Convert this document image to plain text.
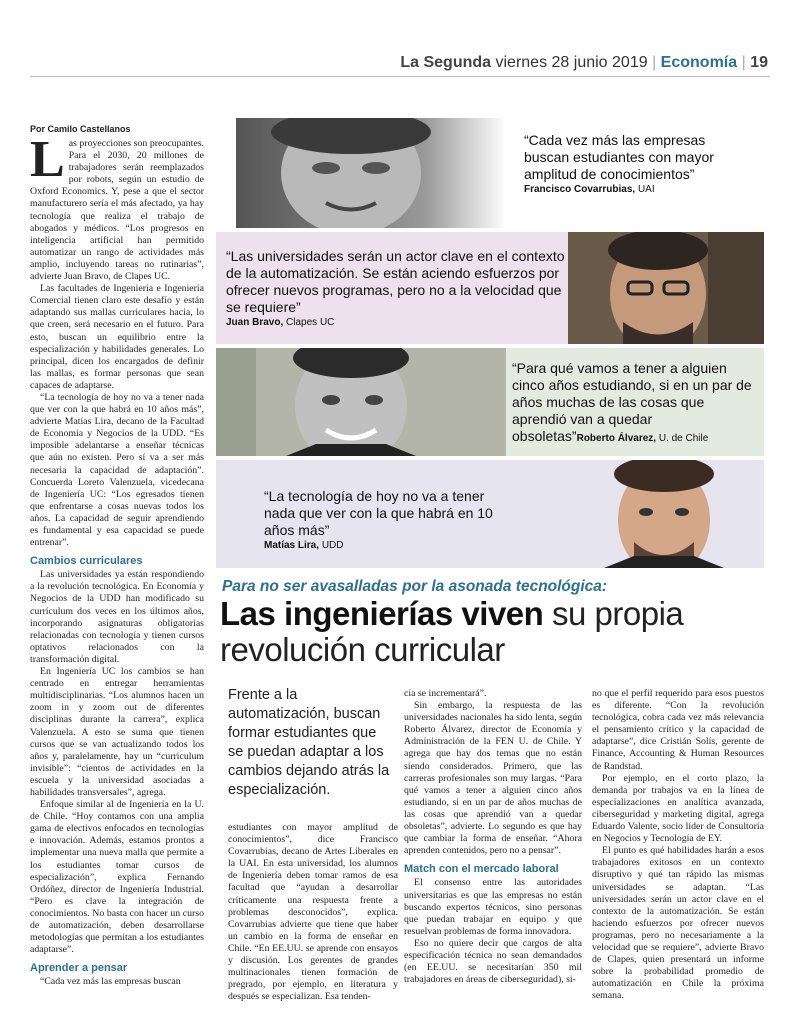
La Segunda viernes 28 junio 2019 | Economía | 19
Por Camilo Castellanos

Las proyecciones son preocupantes. Para el 2030, 20 millones de trabajadores serán reemplazados por robots, según un estudio de Oxford Economics. Y, pese a que el sector manufacturero sería el más afectado, ya hay tecnología que realiza el trabajo de abogados y médicos. “Los progresos en inteligencia artificial han permitido automatizar un rango de actividades más amplio, incluyendo tareas no rutinarias”, advierte Juan Bravo, de Clapes UC.

Las facultades de Ingeniería e Ingeniería Comercial tienen claro este desafío y están adaptando sus mallas curriculares hacia, lo que creen, será necesario en el futuro. Para esto, buscan un equilibrio entre la especialización y habilidades generales. Lo principal, dicen los encargados de definir las mallas, es formar personas que sean capaces de adaptarse.

“La tecnología de hoy no va a tener nada que ver con la que habrá en 10 años más”, advierte Matías Lira, decano de la Facultad de Economía y Negocios de la UDD. “Es imposible adelantarse a enseñar técnicas que aún no existen. Pero sí va a ser más necesaria la capacidad de adaptación”. Concuerda Loreto Valenzuela, vicedecana de Ingeniería UC: “Los egresados tienen que enfrentarse a cosas nuevas todos los años. La capacidad de seguir aprendiendo es fundamental y esa capacidad se puede entrenar”.

Cambios curriculares

Las universidades ya están respondiendo a la revolución tecnológica. En Economía y Negocios de la UDD han modificado su currículum dos veces en los últimos años, incorporando asignaturas obligatorias relacionadas con tecnología y tienen cursos optativos relacionados con la transformación digital.

En Ingeniería UC los cambios se han centrado en entregar herramientas multidisciplinarias. “Los alumnos hacen un zoom in y zoom out de diferentes disciplinas durante la carrera”, explica Valenzuela. A esto se suma que tienen cursos que se van actualizando todos los años y, paralelamente, hay un “curriculum invisible”: “cientos de actividades en la escuela y la universidad asociadas a habilidades transversales”, agrega.

Enfoque similar al de Ingeniería en la U. de Chile. “Hoy contamos con una amplia gama de electivos enfocados en tecnologías e innovación. Además, estamos prontos a implementar una nueva malla que permite a los estudiantes tomar cursos de especialización”, explica Fernando Ordóñez, director de Ingeniería Industrial. “Pero es clave la integración de conocimientos. No basta con hacer un curso de automatización, deben desarrollarse metodologías que permitan a los estudiantes adaptarse”.

Aprender a pensar

“Cada vez más las empresas buscan

“Cada vez más las empresas buscan estudiantes con mayor amplitud de conocimientos”
Francisco Covarrubias, UAI
“Las universidades serán un actor clave en el contexto de la automatización. Se están aciendo esfuerzos por ofrecer nuevos programas, pero no a la velocidad que se requiere”
Juan Bravo, Clapes UC
“Para qué vamos a tener a alguien cinco años estudiando, si en un par de años muchas de las cosas que aprendió van a quedar obsoletas”Roberto Álvarez, U. de Chile
“La tecnología de hoy no va a tener nada que ver con la que habrá en 10 años más”
Matías Lira, UDD
Para no ser avasalladas por la asonada tecnológica:
Las ingenierías viven su propia
revolución curricular
Frente a la automatización, buscan formar estudiantes que se puedan adaptar a los cambios dejando atrás la especialización.

estudiantes con mayor amplitud de conocimientos”, dice Francisco Covarrubias, decano de Artes Liberales en la UAI. En esta universidad, los alumnos de Ingeniería deben tomar ramos de esa facultad que “ayudan a desarrollar críticamente una respuesta frente a problemas desconocidos”, explica. Covarrubias advierte que tiene que haber un cambio en la forma de enseñar en Chile. “En EE.UU. se aprende con ensayos y discusión. Los gerentes de grandes multinacionales tienen formación de pregrado, por ejemplo, en literatura y después se especializan. Esa tenden-

cia se incrementará”.

Sin embargo, la respuesta de las universidades nacionales ha sido lenta, según Roberto Álvarez, director de Economía y Administración de la FEN U. de Chile. Y agrega que hay dos temas que no están siendo considerados. Primero, que las carreras profesionales son muy largas. “Para qué vamos a tener a alguien cinco años estudiando, si en un par de años muchas de las cosas que aprendió van a quedar obsoletas”, advierte. Lo segundo es que hay que cambiar la forma de enseñar. “Ahora aprenden contenidos, pero no a pensar”.

Match con el mercado laboral

El consenso entre las autoridades universitarias es que las empresas no están buscando expertos técnicos, sino personas que puedan trabajar en equipo y que resuelvan problemas de forma innovadora.

Eso no quiere decir que cargos de alta especificación técnica no sean demandados (en EE.UU. se necesitarían 350 mil trabajadores en áreas de ciberseguridad), si-

no que el perfil requerido para esos puestos es diferente. “Con la revolución tecnológica, cobra cada vez más relevancia el pensamiento crítico y la capacidad de adaptarse”, dice Cristián Solís, gerente de Finance, Accounting & Human Resources de Randstad.

Por ejemplo, en el corto plazo, la demanda por trabajos va en la línea de especializaciones en analítica avanzada, ciberseguridad y marketing digital, agrega Eduardo Valente, socio líder de Consultoría en Negocios y Tecnología de EY.

El punto es qué habilidades harán a esos trabajadores exitosos en un contexto disruptivo y qué tan rápido las mismas universidades se adaptan. “Las universidades serán un actor clave en el contexto de la automatización. Se están haciendo esfuerzos por ofrecer nuevos programas, pero no necesariamente a la velocidad que se requiere”, advierte Bravo de Clapes, quien presentará un informe sobre la probabilidad promedio de automatización en Chile la próxima semana.
